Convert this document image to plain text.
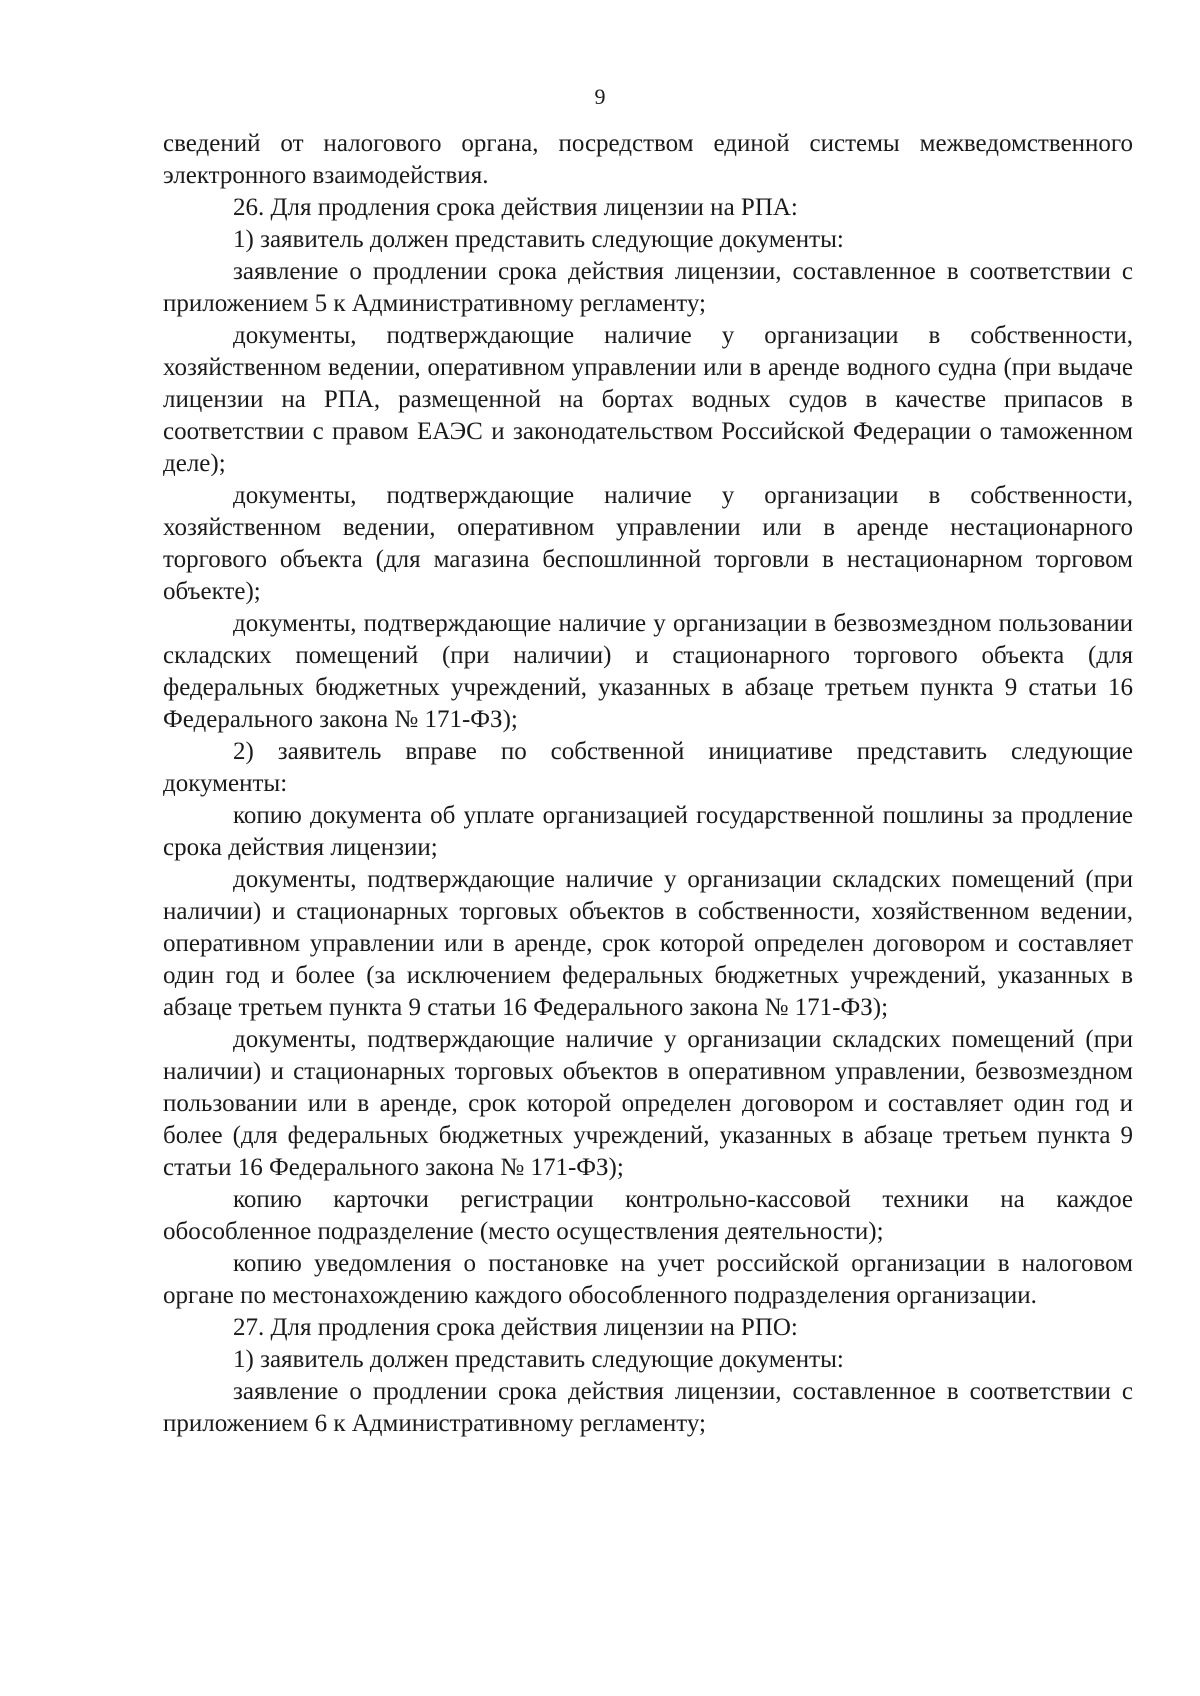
9

сведений от налогового органа, посредством единой системы межведомственного электронного взаимодействия.

26. Для продления срока действия лицензии на РПА:

1) заявитель должен представить следующие документы:

заявление о продлении срока действия лицензии, составленное в соответствии с приложением 5 к Административному регламенту;

документы, подтверждающие наличие у организации в собственности, хозяйственном ведении, оперативном управлении или в аренде водного судна (при выдаче лицензии на РПА, размещенной на бортах водных судов в качестве припасов в соответствии с правом ЕАЭС и законодательством Российской Федерации о таможенном деле);

документы, подтверждающие наличие у организации в собственности, хозяйственном ведении, оперативном управлении или в аренде нестационарного торгового объекта (для магазина беспошлинной торговли в нестационарном торговом объекте);

документы, подтверждающие наличие у организации в безвозмездном пользовании складских помещений (при наличии) и стационарного торгового объекта (для федеральных бюджетных учреждений, указанных в абзаце третьем пункта 9 статьи 16 Федерального закона № 171-ФЗ);

2) заявитель вправе по собственной инициативе представить следующие документы:

копию документа об уплате организацией государственной пошлины за продление срока действия лицензии;

документы, подтверждающие наличие у организации складских помещений (при наличии) и стационарных торговых объектов в собственности, хозяйственном ведении, оперативном управлении или в аренде, срок которой определен договором и составляет один год и более (за исключением федеральных бюджетных учреждений, указанных в абзаце третьем пункта 9 статьи 16 Федерального закона № 171-ФЗ);

документы, подтверждающие наличие у организации складских помещений (при наличии) и стационарных торговых объектов в оперативном управлении, безвозмездном пользовании или в аренде, срок которой определен договором и составляет один год и более (для федеральных бюджетных учреждений, указанных в абзаце третьем пункта 9 статьи 16 Федерального закона № 171-ФЗ);

копию карточки регистрации контрольно-кассовой техники на каждое обособленное подразделение (место осуществления деятельности);

копию уведомления о постановке на учет российской организации в налоговом органе по местонахождению каждого обособленного подразделения организации.

27. Для продления срока действия лицензии на РПО:

1) заявитель должен представить следующие документы:

заявление о продлении срока действия лицензии, составленное в соответствии с приложением 6 к Административному регламенту;
